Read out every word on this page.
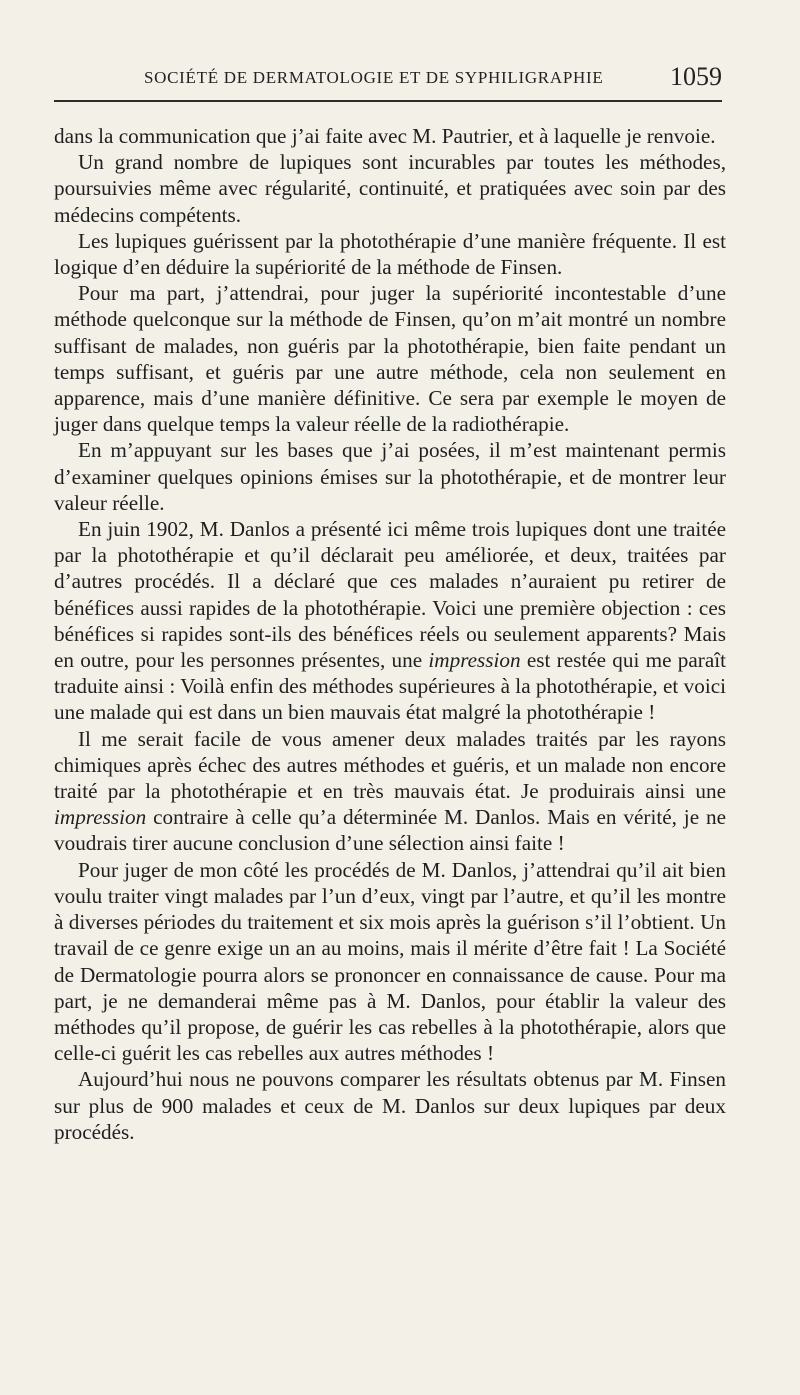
SOCIÉTÉ DE DERMATOLOGIE ET DE SYPHILIGRAPHIE	1059

dans la communication que j’ai faite avec M. Pautrier, et à laquelle je renvoie.

Un grand nombre de lupiques sont incurables par toutes les méthodes, poursuivies même avec régularité, continuité, et pratiquées avec soin par des médecins compétents.

Les lupiques guérissent par la photothérapie d’une manière fréquente. Il est logique d’en déduire la supériorité de la méthode de Finsen.

Pour ma part, j’attendrai, pour juger la supériorité incontestable d’une méthode quelconque sur la méthode de Finsen, qu’on m’ait montré un nombre suffisant de malades, non guéris par la photothérapie, bien faite pendant un temps suffisant, et guéris par une autre méthode, cela non seulement en apparence, mais d’une manière définitive. Ce sera par exemple le moyen de juger dans quelque temps la valeur réelle de la radiothérapie.

En m’appuyant sur les bases que j’ai posées, il m’est maintenant permis d’examiner quelques opinions émises sur la photothérapie, et de montrer leur valeur réelle.

En juin 1902, M. Danlos a présenté ici même trois lupiques dont une traitée par la photothérapie et qu’il déclarait peu améliorée, et deux, traitées par d’autres procédés. Il a déclaré que ces malades n’auraient pu retirer de bénéfices aussi rapides de la photothérapie. Voici une première objection : ces bénéfices si rapides sont-ils des bénéfices réels ou seulement apparents? Mais en outre, pour les personnes présentes, une impression est restée qui me paraît traduite ainsi : Voilà enfin des méthodes supérieures à la photothérapie, et voici une malade qui est dans un bien mauvais état malgré la photothérapie !

Il me serait facile de vous amener deux malades traités par les rayons chimiques après échec des autres méthodes et guéris, et un malade non encore traité par la photothérapie et en très mauvais état. Je produirais ainsi une impression contraire à celle qu’a déterminée M. Danlos. Mais en vérité, je ne voudrais tirer aucune conclusion d’une sélection ainsi faite !

Pour juger de mon côté les procédés de M. Danlos, j’attendrai qu’il ait bien voulu traiter vingt malades par l’un d’eux, vingt par l’autre, et qu’il les montre à diverses périodes du traitement et six mois après la guérison s’il l’obtient. Un travail de ce genre exige un an au moins, mais il mérite d’être fait ! La Société de Dermatologie pourra alors se prononcer en connaissance de cause. Pour ma part, je ne demanderai même pas à M. Danlos, pour établir la valeur des méthodes qu’il propose, de guérir les cas rebelles à la photothérapie, alors que celle-ci guérit les cas rebelles aux autres méthodes !

Aujourd’hui nous ne pouvons comparer les résultats obtenus par M. Finsen sur plus de 900 malades et ceux de M. Danlos sur deux lupiques par deux procédés.
